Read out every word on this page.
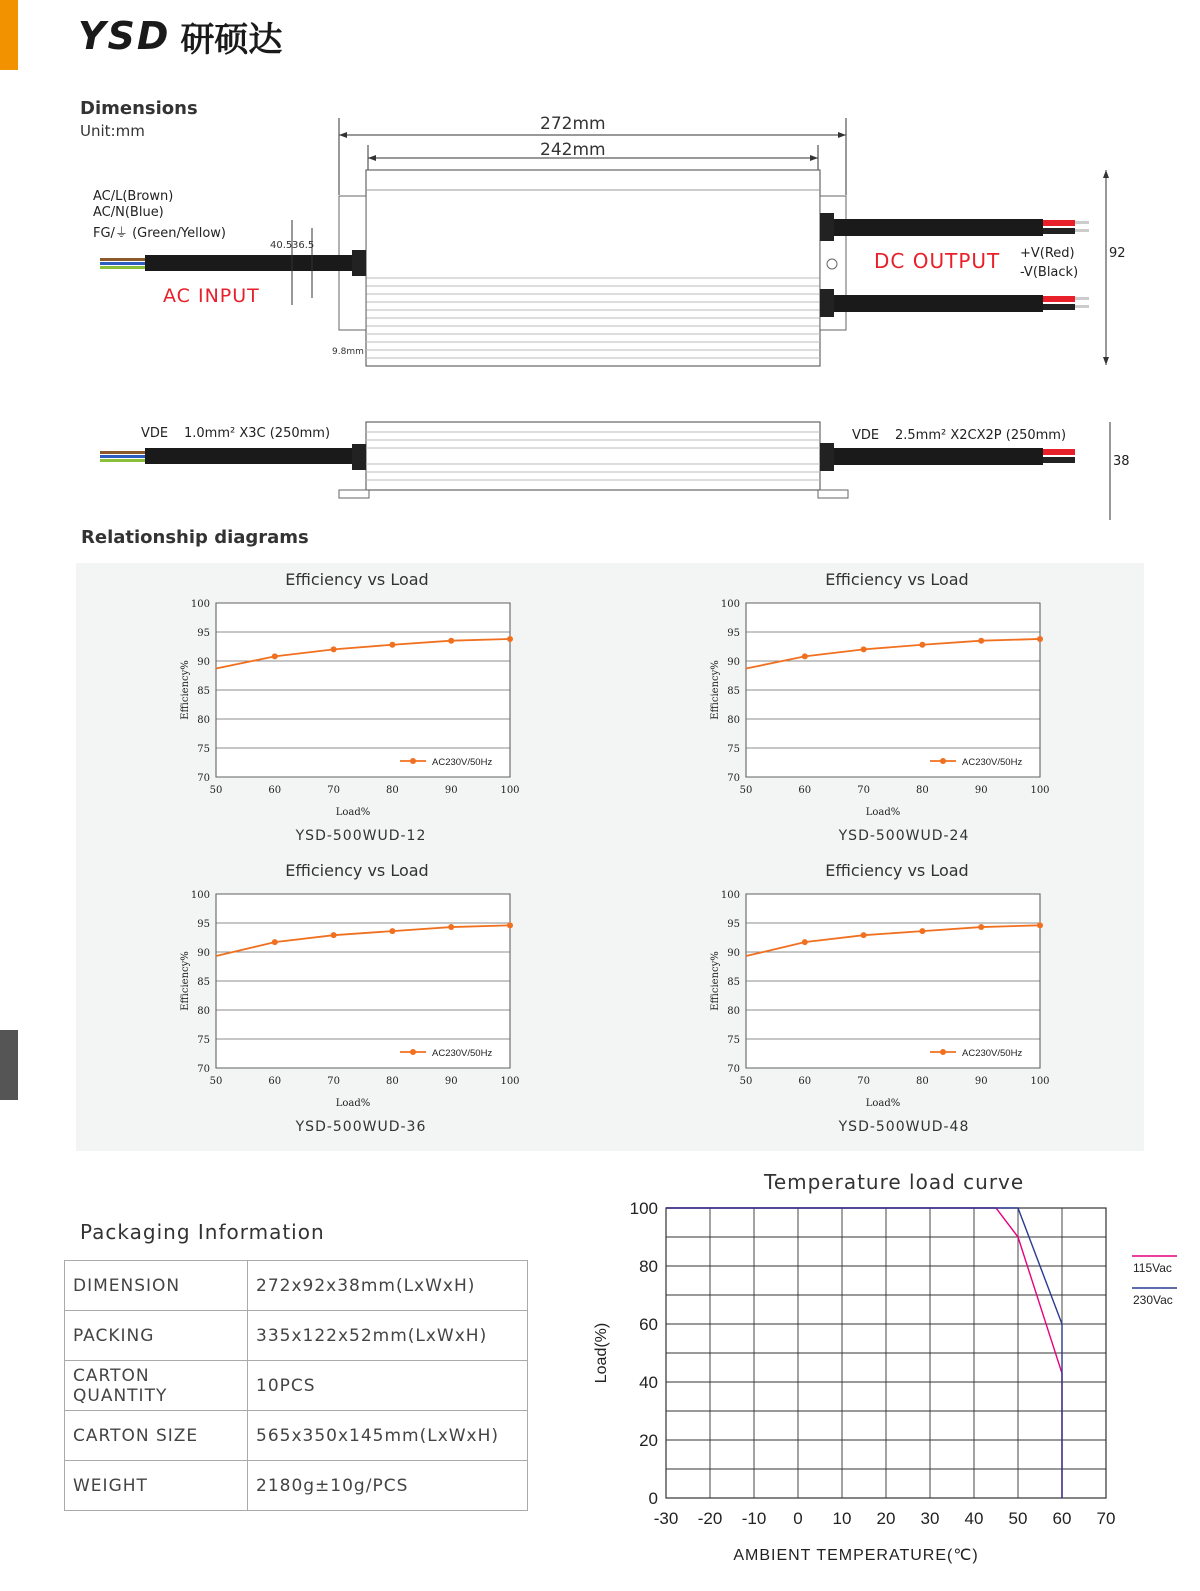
YSD 研硕达
Dimensions
Unit:mm	272mm
242mm
AC/L(Brown)
AC/N(Blue)
FG/⏚ (Green/Yellow)
AC INPUT
40.5 36.5
9.8mm
DC OUTPUT +V(Red)
-V(Black)
92
VDE 1.0mm² X3C (250mm)	VDE 2.5mm² X2CX2P (250mm)
38
Relationship diagrams
Efficiency vs Load	Efficiency vs Load
Efficiency vs Load	Efficiency vs Load
YSD-500WUD-12	YSD-500WUD-24
YSD-500WUD-36	YSD-500WUD-48
70
75
80
85
90
95
100
50	60	70	80	90	100
Load%
Efficiency%
AC230V/50Hz
70
75
80
85
90
95
100
50	60	70	80	90	100
Load%
Efficiency%
AC230V/50Hz
70
75
80
85
90
95
100
50	60	70	80	90	100
Load%
Efficiency%
AC230V/50Hz
70
75
80
85
90
95
100
50	60	70	80	90	100
Load%
Efficiency%
AC230V/50Hz
Packaging Information
DIMENSION	272x92x38mm(LxWxH)
PACKING	335x122x52mm(LxWxH)
CARTON QUANTITY	10PCS
CARTON SIZE	565x350x145mm(LxWxH)
WEIGHT	2180g±10g/PCS
Temperature load curve
-30 -20 -10 0 10 20 30 40 50 60 70
0
20
40
60
80
100
AMBIENT TEMPERATURE(℃)
Load(%)
115Vac
230Vac
